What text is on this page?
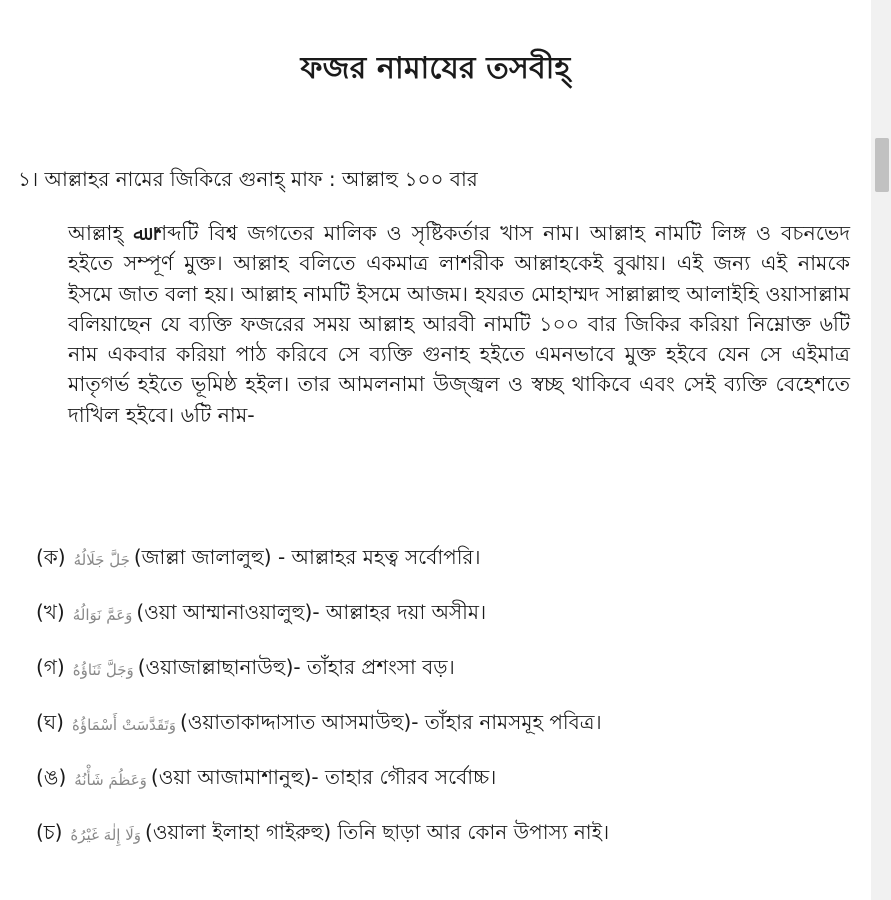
ফজর নামাযের তসবীহ্
১। আল্লাহর নামের জিকিরে গুনাহ্ মাফ : আল্লাহু ১০০ বার
আল্লাহ্ ﷲ শব্দটি বিশ্ব জগতের মালিক ও সৃষ্টিকর্তার খাস নাম। আল্লাহ নামটি লিঙ্গ ও বচনভেদ হইতে সম্পূর্ণ মুক্ত। আল্লাহ বলিতে একমাত্র লাশরীক আল্লাহকেই বুঝায়। এই জন্য এই নামকে ইসমে জাত বলা হয়। আল্লাহ নামটি ইসমে আজম। হযরত মোহাম্মদ সাল্লাল্লাহু আলাইহি ওয়াসাল্লাম বলিয়াছেন যে ব্যক্তি ফজরের সময় আল্লাহ আরবী নামটি ১০০ বার জিকির করিয়া নিম্নোক্ত ৬টি নাম একবার করিয়া পাঠ করিবে সে ব্যক্তি গুনাহ হইতে এমনভাবে মুক্ত হইবে যেন সে এইমাত্র মাতৃগর্ভ হইতে ভূমিষ্ঠ হইল। তার আমলনামা উজ্জ্বল ও স্বচ্ছ থাকিবে এবং সেই ব্যক্তি বেহেশতে দাখিল হইবে। ৬টি নাম-
(ক) جَلَّ جَلَالُهُ (জাল্লা জালালুহু) - আল্লাহর মহত্ব সর্বোপরি।
(খ) وَعَمَّ نَوَالُهُ (ওয়া আম্মানাওয়ালুহু)- আল্লাহর দয়া অসীম।
(গ) وَجَلَّ ثَنَاؤُهُ (ওয়াজাল্লাছানাউহু)- তাঁহার প্রশংসা বড়।
(ঘ) وَتَقَدَّسَتْ أَسْمَاؤُهُ (ওয়াতাকাদ্দাসাত আসমাউহু)- তাঁহার নামসমূহ পবিত্র।
(ঙ) وَعَظُمَ شَأْنُهُ (ওয়া আজামাশানুহু)- তাহার গৌরব সর্বোচ্চ।
(চ) وَلَا إِلٰهَ غَيْرُهُ (ওয়ালা ইলাহা গাইরুহু) তিনি ছাড়া আর কোন উপাস্য নাই।
